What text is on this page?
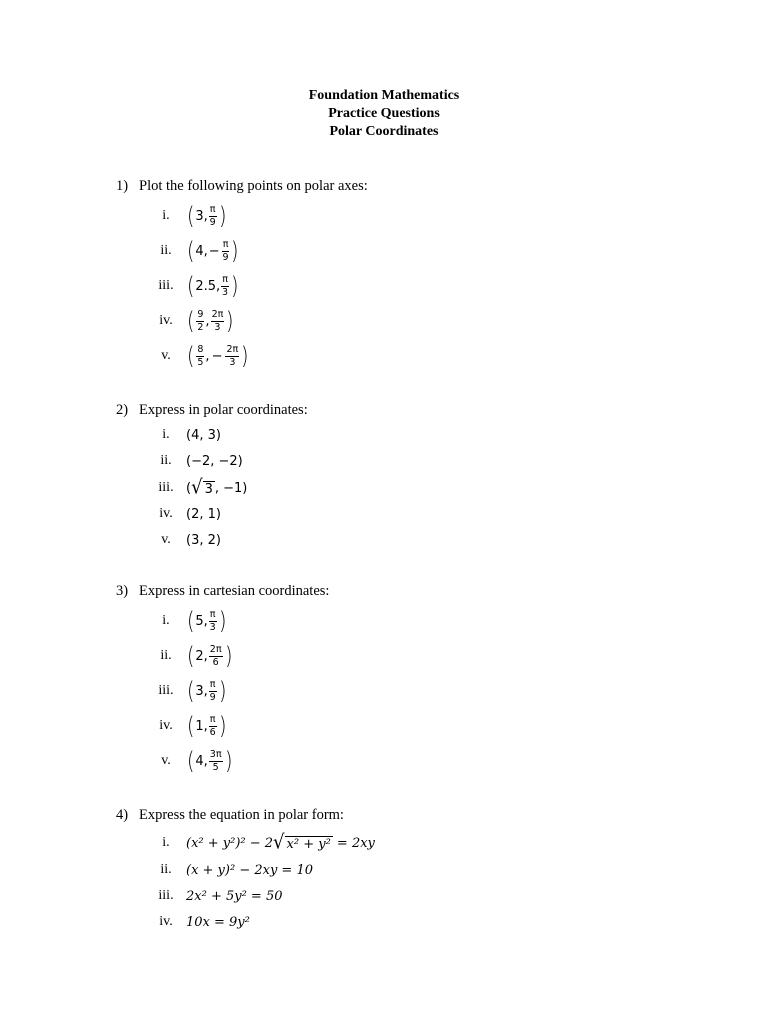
Foundation Mathematics
Practice Questions
Polar Coordinates
1) Plot the following points on polar axes:
i. ( 3, $\frac{\pi}{9}$ )
ii. ( 4, − $\frac{\pi}{9}$ )
iii. ( 2.5, $\frac{\pi}{3}$ )
iv. ( $\frac{9}{2}$ , $\frac{2\pi}{3}$ )
v. ( $\frac{8}{5}$ , − $\frac{2\pi}{3}$ )
2) Express in polar coordinates:
i.	(4, 3)
ii.	(−2, −2)
iii. ( √ 3 , −1)
iv.	(2, 1)
v.	(3, 2)
3) Express in cartesian coordinates:
i. ( 5, $\frac{\pi}{3}$ )
ii. ( 2, $\frac{2\pi}{6}$ )
iii. ( 3, $\frac{\pi}{9}$ )
iv. ( 1, $\frac{\pi}{6}$ )
v. ( 4, $\frac{3\pi}{5}$ )
4) Express the equation in polar form:
i.	(x² + y²)² − 2 √ x² + y² = 2xy
ii.	(x + y)² − 2xy = 10
iii. 2x² + 5y² = 50
iv.	10x = 9y²
